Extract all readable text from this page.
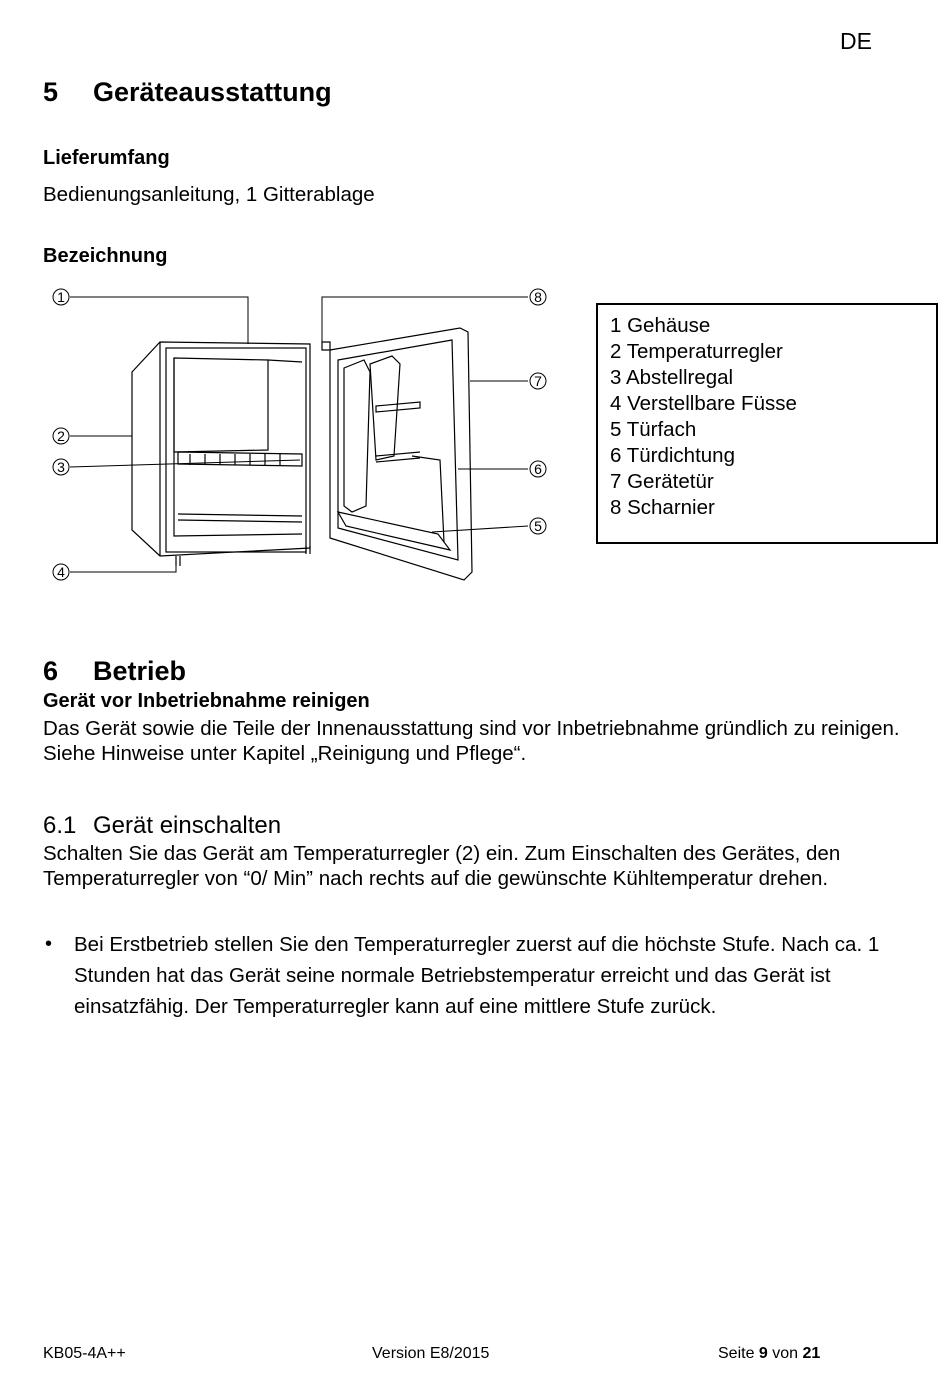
DE
5 Geräteausstattung
Lieferumfang
Bedienungsanleitung, 1 Gitterablage
Bezeichnung
1
2
3
4
5
6
7
8
1 Gehäuse
2 Temperaturregler
3 Abstellregal
4 Verstellbare Füsse
5 Türfach
6 Türdichtung
7 Gerätetür
8 Scharnier
6 Betrieb
Gerät vor Inbetriebnahme reinigen
Das Gerät sowie die Teile der Innenausstattung sind vor Inbetriebnahme gründlich zu reinigen. Siehe Hinweise unter Kapitel „Reinigung und Pflege“.
6.1 Gerät einschalten
Schalten Sie das Gerät am Temperaturregler (2) ein. Zum Einschalten des Gerätes, den Temperaturregler von “0/ Min” nach rechts auf die gewünschte Kühltemperatur drehen.
• Bei Erstbetrieb stellen Sie den Temperaturregler zuerst auf die höchste Stufe. Nach ca. 1 Stunden hat das Gerät seine normale Betriebstemperatur erreicht und das Gerät ist einsatzfähig. Der Temperaturregler kann auf eine mittlere Stufe zurück.
KB05-4A++	Version E8/2015	Seite 9 von 21
